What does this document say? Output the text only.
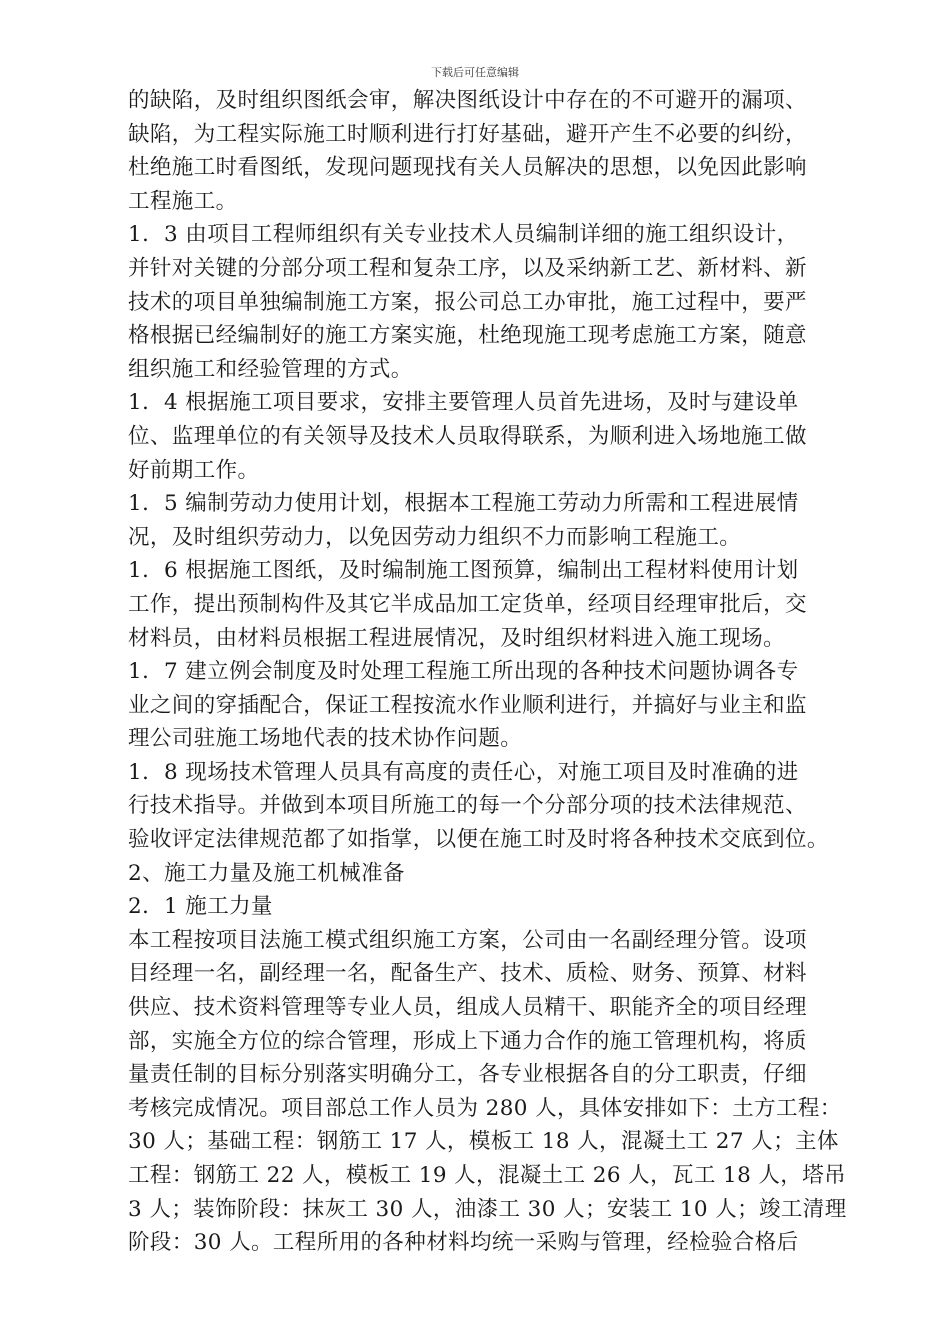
下载后可任意编辑
的缺陷，及时组织图纸会审，解决图纸设计中存在的不可避开的漏项、
缺陷，为工程实际施工时顺利进行打好基础，避开产生不必要的纠纷，
杜绝施工时看图纸，发现问题现找有关人员解决的思想，以免因此影响
工程施工。
1．3 由项目工程师组织有关专业技术人员编制详细的施工组织设计，
并针对关键的分部分项工程和复杂工序，以及采纳新工艺、新材料、新
技术的项目单独编制施工方案，报公司总工办审批，施工过程中，要严
格根据已经编制好的施工方案实施，杜绝现施工现考虑施工方案，随意
组织施工和经验管理的方式。
1．4 根据施工项目要求，安排主要管理人员首先进场，及时与建设单
位、监理单位的有关领导及技术人员取得联系，为顺利进入场地施工做
好前期工作。
1．5 编制劳动力使用计划，根据本工程施工劳动力所需和工程进展情
况，及时组织劳动力，以免因劳动力组织不力而影响工程施工。
1．6 根据施工图纸，及时编制施工图预算，编制出工程材料使用计划
工作，提出预制构件及其它半成品加工定货单，经项目经理审批后，交
材料员，由材料员根据工程进展情况，及时组织材料进入施工现场。
1．7 建立例会制度及时处理工程施工所出现的各种技术问题协调各专
业之间的穿插配合，保证工程按流水作业顺利进行，并搞好与业主和监
理公司驻施工场地代表的技术协作问题。
1．8 现场技术管理人员具有高度的责任心，对施工项目及时准确的进
行技术指导。并做到本项目所施工的每一个分部分项的技术法律规范、
验收评定法律规范都了如指掌，以便在施工时及时将各种技术交底到位。
2、施工力量及施工机械准备
2．1 施工力量
本工程按项目法施工模式组织施工方案，公司由一名副经理分管。设项
目经理一名，副经理一名，配备生产、技术、质检、财务、预算、材料
供应、技术资料管理等专业人员，组成人员精干、职能齐全的项目经理
部，实施全方位的综合管理，形成上下通力合作的施工管理机构，将质
量责任制的目标分别落实明确分工，各专业根据各自的分工职责，仔细
考核完成情况。项目部总工作人员为 280 人，具体安排如下：土方工程：
30 人；基础工程：钢筋工 17 人，模板工 18 人，混凝土工 27 人；主体
工程：钢筋工 22 人，模板工 19 人，混凝土工 26 人，瓦工 18 人，塔吊
3 人；装饰阶段：抹灰工 30 人，油漆工 30 人；安装工 10 人；竣工清理
阶段：30 人。工程所用的各种材料均统一采购与管理，经检验合格后
